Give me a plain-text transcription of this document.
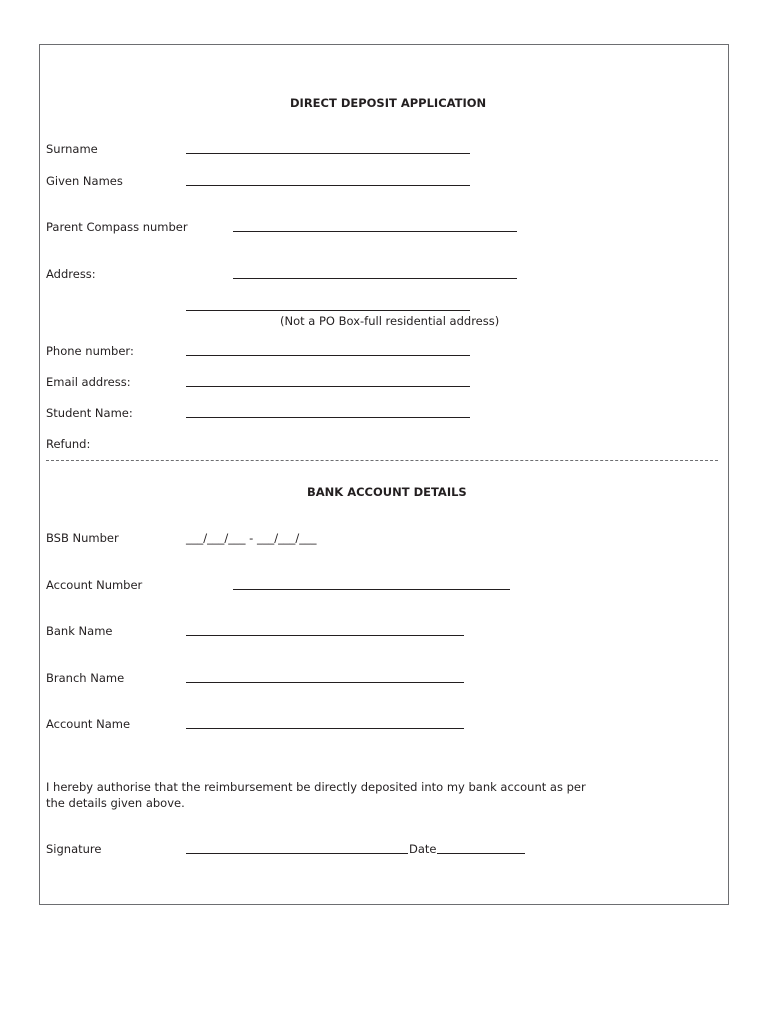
DIRECT DEPOSIT APPLICATION
Surname
Given Names
Parent Compass number
Address:
(Not a PO Box-full residential address)
Phone number:
Email address:
Student Name:
Refund:
BANK ACCOUNT DETAILS
BSB Number	___/___/___ - ___/___/___
Account Number
Bank Name
Branch Name
Account Name
I hereby authorise that the reimbursement be directly deposited into my bank account as per the details given above.
Signature	Date
